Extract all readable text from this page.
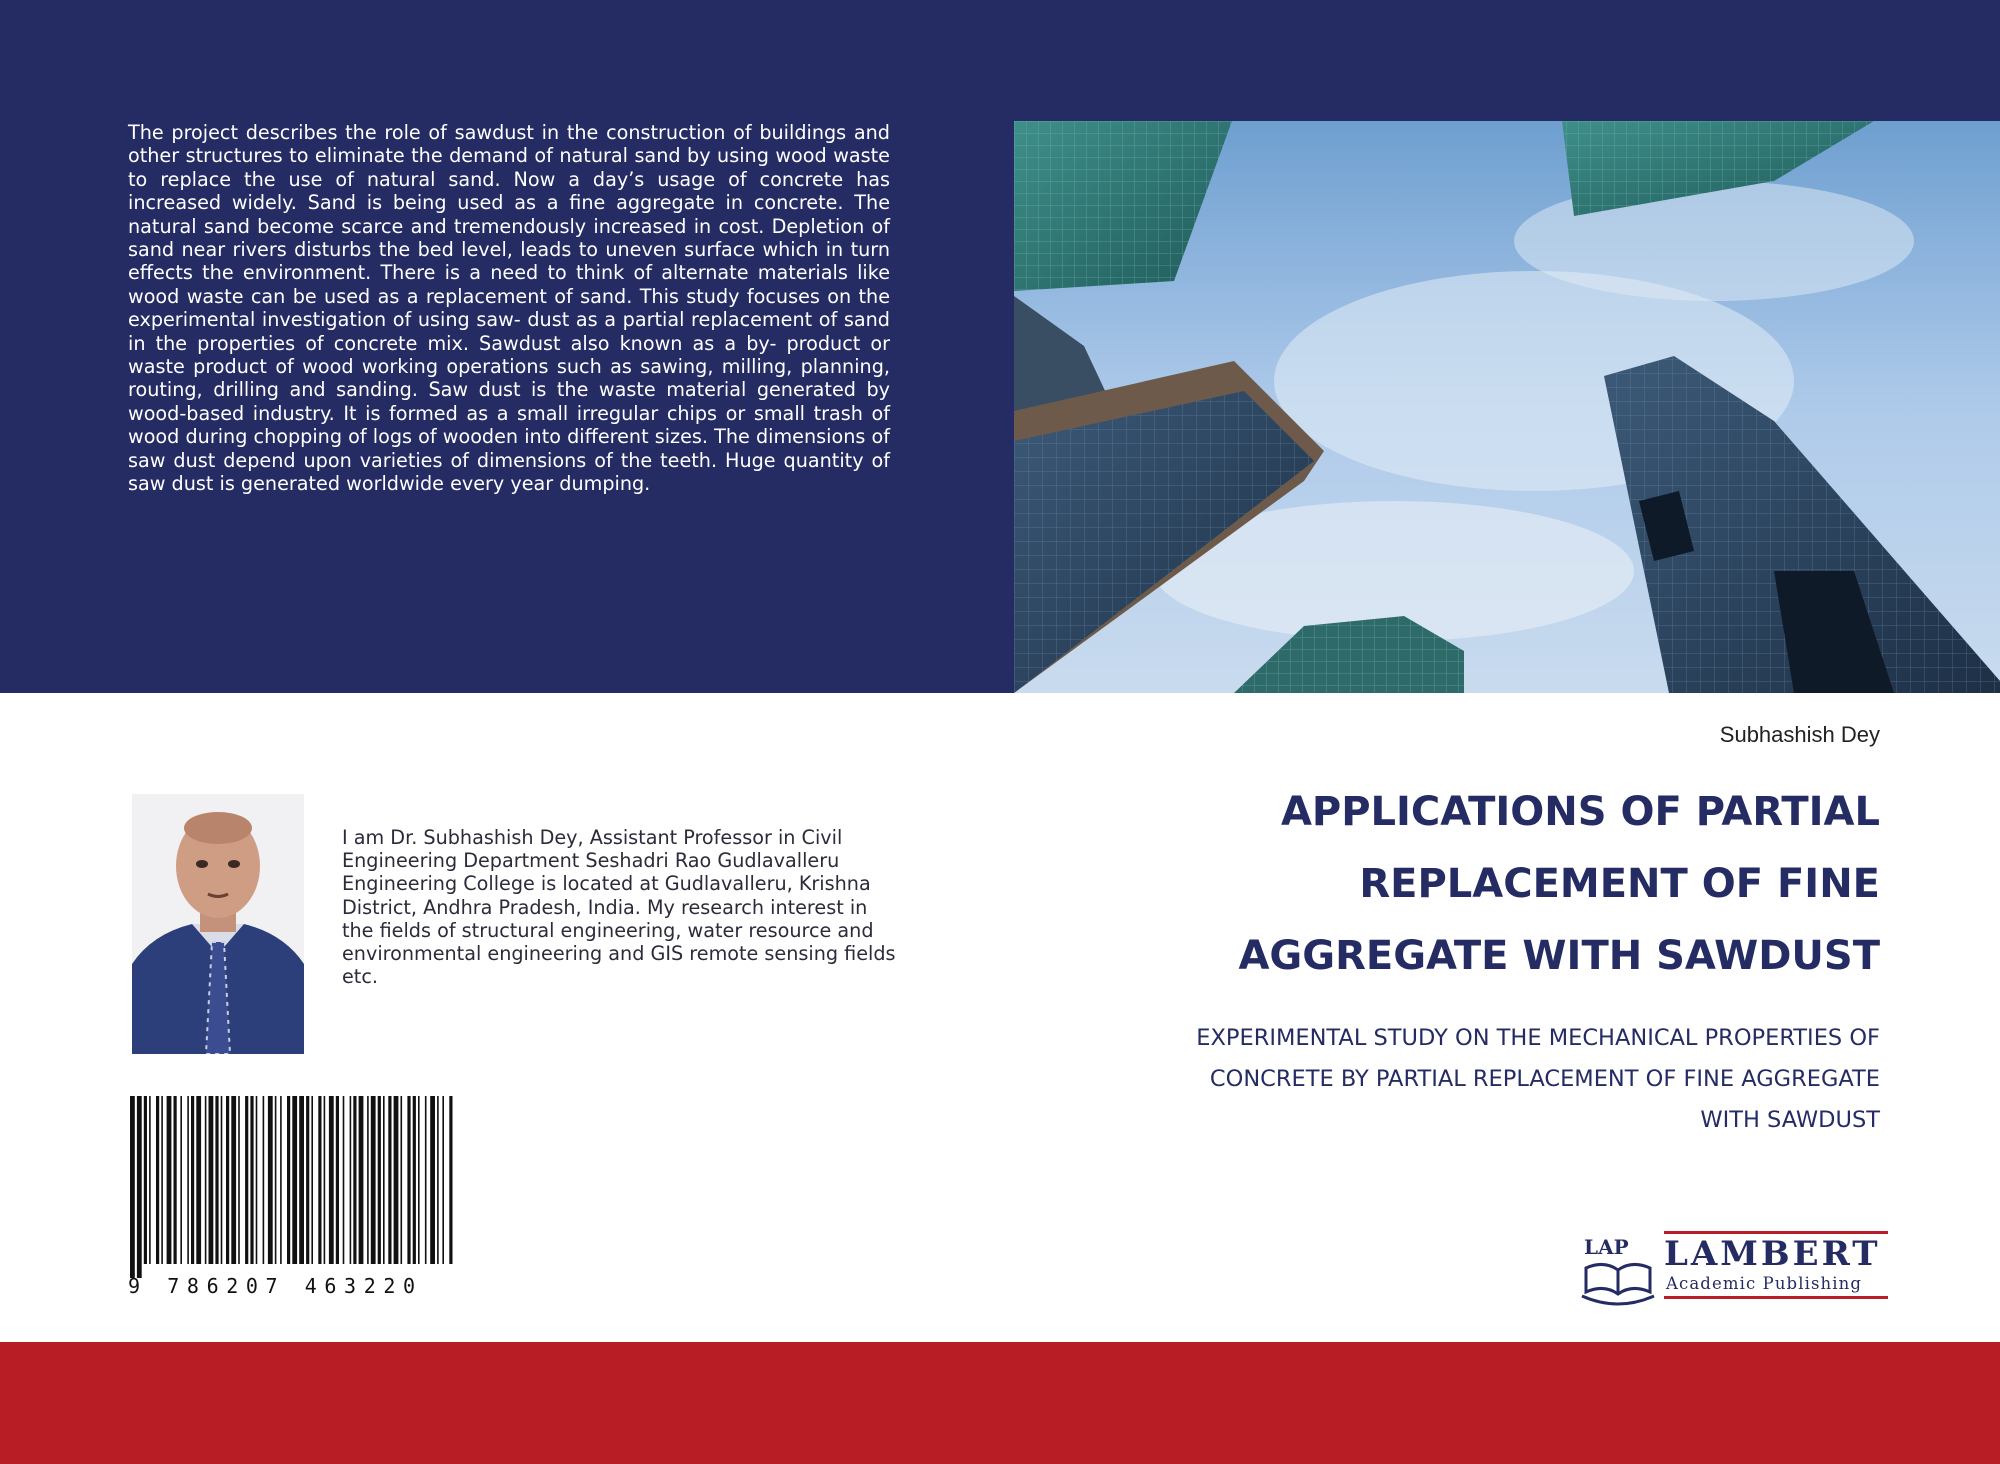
The project describes the role of sawdust in the construction of buildings and other structures to eliminate the demand of natural sand by using wood waste to replace the use of natural sand. Now a day’s usage of concrete has increased widely. Sand is being used as a fine aggregate in concrete. The natural sand become scarce and tremendously increased in cost. Depletion of sand near rivers disturbs the bed level, leads to uneven surface which in turn effects the environment. There is a need to think of alternate materials like wood waste can be used as a replacement of sand. This study focuses on the experimental investigation of using saw- dust as a partial replacement of sand in the properties of concrete mix. Sawdust also known as a by- product or waste product of wood working operations such as sawing, milling, planning, routing, drilling and sanding. Saw dust is the waste material generated by wood-based industry. It is formed as a small irregular chips or small trash of wood during chopping of logs of wooden into different sizes. The dimensions of saw dust depend upon varieties of dimensions of the teeth. Huge quantity of saw dust is generated worldwide every year dumping.

Subhashish Dey

APPLICATIONS OF PARTIAL
REPLACEMENT OF FINE
AGGREGATE WITH SAWDUST

EXPERIMENTAL STUDY ON THE MECHANICAL PROPERTIES OF
CONCRETE BY PARTIAL REPLACEMENT OF FINE AGGREGATE
WITH SAWDUST

I am Dr. Subhashish Dey, Assistant Professor in Civil Engineering Department Seshadri Rao Gudlavalleru Engineering College is located at Gudlavalleru, Krishna District, Andhra Pradesh, India. My research interest in the fields of structural engineering, water resource and environmental engineering and GIS remote sensing fields etc.

9 786207 463220

LAP LAMBERT

Academic Publishing
